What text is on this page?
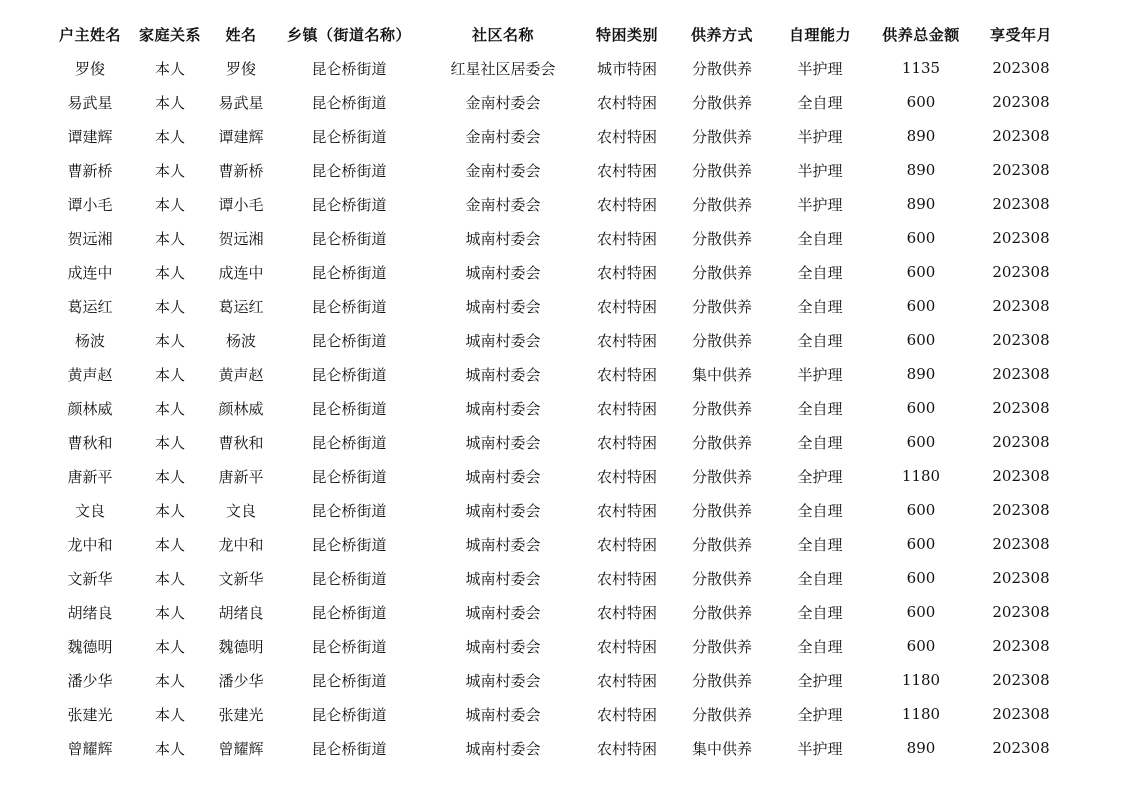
户主姓名	家庭关系	姓名	乡镇（街道名称）	社区名称	特困类别	供养方式	自理能力	供养总金额	享受年月
罗俊	本人	罗俊	昆仑桥街道	红星社区居委会	城市特困	分散供养	半护理	1135	202308
易武星	本人	易武星	昆仑桥街道	金南村委会	农村特困	分散供养	全自理	600	202308
谭建辉	本人	谭建辉	昆仑桥街道	金南村委会	农村特困	分散供养	半护理	890	202308
曹新桥	本人	曹新桥	昆仑桥街道	金南村委会	农村特困	分散供养	半护理	890	202308
谭小毛	本人	谭小毛	昆仑桥街道	金南村委会	农村特困	分散供养	半护理	890	202308
贺远湘	本人	贺远湘	昆仑桥街道	城南村委会	农村特困	分散供养	全自理	600	202308
成连中	本人	成连中	昆仑桥街道	城南村委会	农村特困	分散供养	全自理	600	202308
葛运红	本人	葛运红	昆仑桥街道	城南村委会	农村特困	分散供养	全自理	600	202308
杨波	本人	杨波	昆仑桥街道	城南村委会	农村特困	分散供养	全自理	600	202308
黄声赵	本人	黄声赵	昆仑桥街道	城南村委会	农村特困	集中供养	半护理	890	202308
颜林威	本人	颜林威	昆仑桥街道	城南村委会	农村特困	分散供养	全自理	600	202308
曹秋和	本人	曹秋和	昆仑桥街道	城南村委会	农村特困	分散供养	全自理	600	202308
唐新平	本人	唐新平	昆仑桥街道	城南村委会	农村特困	分散供养	全护理	1180	202308
文良	本人	文良	昆仑桥街道	城南村委会	农村特困	分散供养	全自理	600	202308
龙中和	本人	龙中和	昆仑桥街道	城南村委会	农村特困	分散供养	全自理	600	202308
文新华	本人	文新华	昆仑桥街道	城南村委会	农村特困	分散供养	全自理	600	202308
胡绪良	本人	胡绪良	昆仑桥街道	城南村委会	农村特困	分散供养	全自理	600	202308
魏德明	本人	魏德明	昆仑桥街道	城南村委会	农村特困	分散供养	全自理	600	202308
潘少华	本人	潘少华	昆仑桥街道	城南村委会	农村特困	分散供养	全护理	1180	202308
张建光	本人	张建光	昆仑桥街道	城南村委会	农村特困	分散供养	全护理	1180	202308
曾耀辉	本人	曾耀辉	昆仑桥街道	城南村委会	农村特困	集中供养	半护理	890	202308
